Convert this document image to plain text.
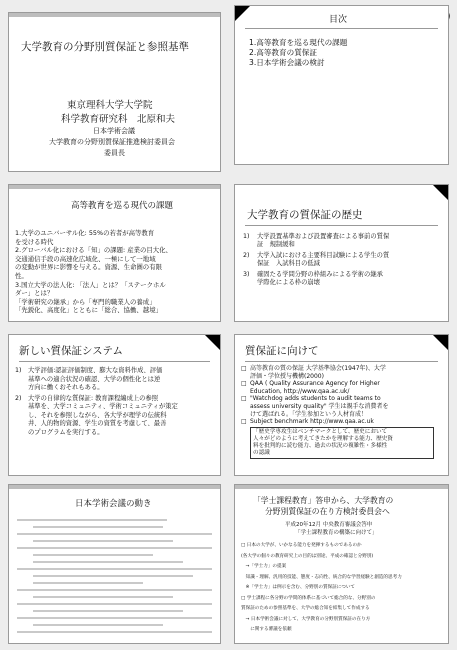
大学教育の分野別質保証と参照基準
東京理科大学大学院
科学教育研究科　北原和夫
日本学術会議
大学教育の分野別質保証推進検討委員会
委員長
目次
1.高等教育を巡る現代の課題
2.高等教育の質保証
3.日本学術会議の検討
高等教育を巡る現代の課題
1.大学のユニバーサル化: 55%の若者が高等教育
を受ける時代
2.グローバル化における「知」の課題: 産業の目大化、
交通通信手段の高速化広域化、一極にして一地域
の変動が世界に影響を与える。資源、生命圏の有限
性。
3.国立大学の法人化: 「法人」とは？「ステークホル
ダー」とは？
「学術研究の継承」から「専門的職業人の養成」
「先鋭化、高度化」とともに「総合、協働、越境」
大学教育の質保証の歴史
1)	大学設置基準および設置審査による事前の質保
証　規制緩和
2)	大学入試における主要科目試験による学生の質
保証　入試科目の低減
3)	確固たる学問分野の枠組みによる学術の継承
学際化による枠の崩壊
新しい質保証システム
1)	大学評価:認証評価制度、膨大な資料作成、評価
基準への適合状況の確認、大学の個性化とは逆
方向に働くおそれもある。
2)	大学の自律的な質保証: 教育課程編成上の参照
基準を、大学コミュニティ、学術コミュニティが策定
し、それを参照しながら、各大学が理学の伝統科
井、人的物的資源、学生の資質を考慮して、最善
のプログラムを実行する。
質保証に向けて
□ 高等教育の質の保証 大学基準協会(1947年)、大学
評価・学位授与機構(2000)
□ QAA ( Quality Assurance Agency for Higher
Education, http://www.qaa.ac.uk/
□ "Watchdog adds students to audit teams to
assess university quality" 学生は親手な消費者を
けて選ばれる。「学生参加という人材育成！
□ Subject benchmark http://www.qaa.ac.uk
「歴史学専攻生はベンチマークとして、歴史において
人々がどのように考えてきたかを理解する能力、歴史資
料を批判的に読む能力、過去の状況の複雑性・多様性
の認識
日本学術会議の動き	「学士課程教育」答申から、大学教育の
分野別質保証の在り方検討委員会へ
平成20年12月 中央教育審議会答申
「学士課程教育の構築に向けて」
□ 日本の大学が、いかなる能力を発揮するものであるのか
(各大学の個々の教育研究上の目的は別途、平成の確認と分野別)
　→「学士力」の提案
　知識・理解、汎用的技能、態度・志向性、統合的な学習経験と創造的思考力
　※「学士力」は例示を含む、分野別の質保証について
□ 学士課程に各分野の学問的体系に基づいて総合的な、分野別の
質保証のための参照基準を、大学の総合知を結集して作成する
　→ 日本学術会議に対して、大学教育の分野別質保証の在り方
　　に関する審議を依頼
